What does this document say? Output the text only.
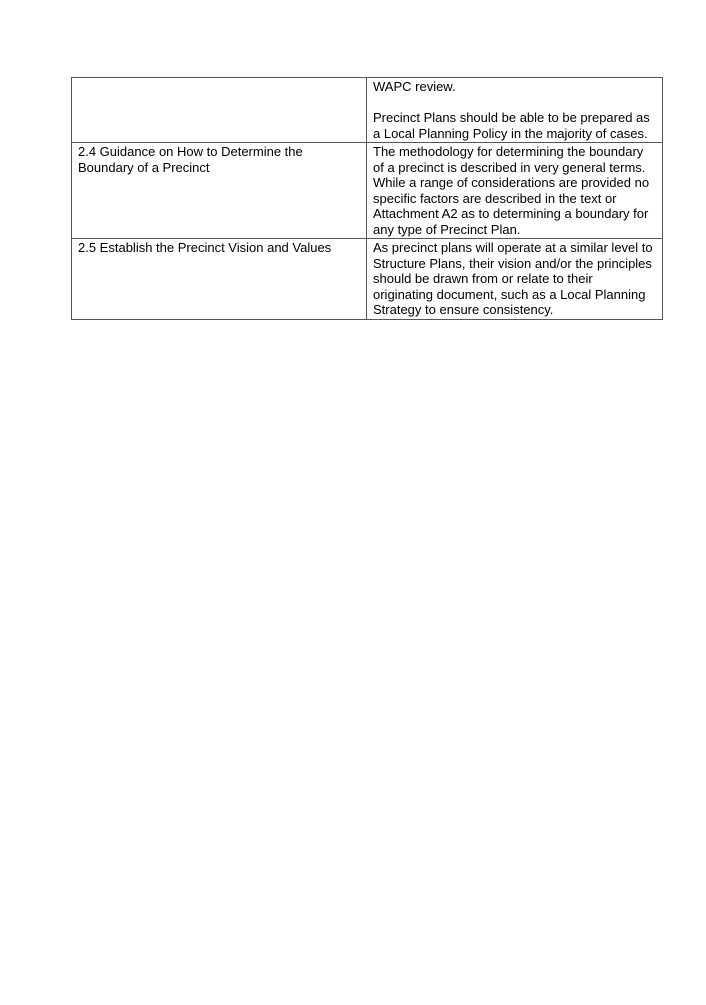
	WAPC review.

Precinct Plans should be able to be prepared as a Local Planning Policy in the majority of cases.

2.4 Guidance on How to Determine the Boundary of a Precinct	The methodology for determining the boundary of a precinct is described in very general terms. While a range of considerations are provided no specific factors are described in the text or Attachment A2 as to determining a boundary for any type of Precinct Plan.

2.5 Establish the Precinct Vision and Values	As precinct plans will operate at a similar level to Structure Plans, their vision and/or the principles should be drawn from or relate to their originating document, such as a Local Planning Strategy to ensure consistency.
